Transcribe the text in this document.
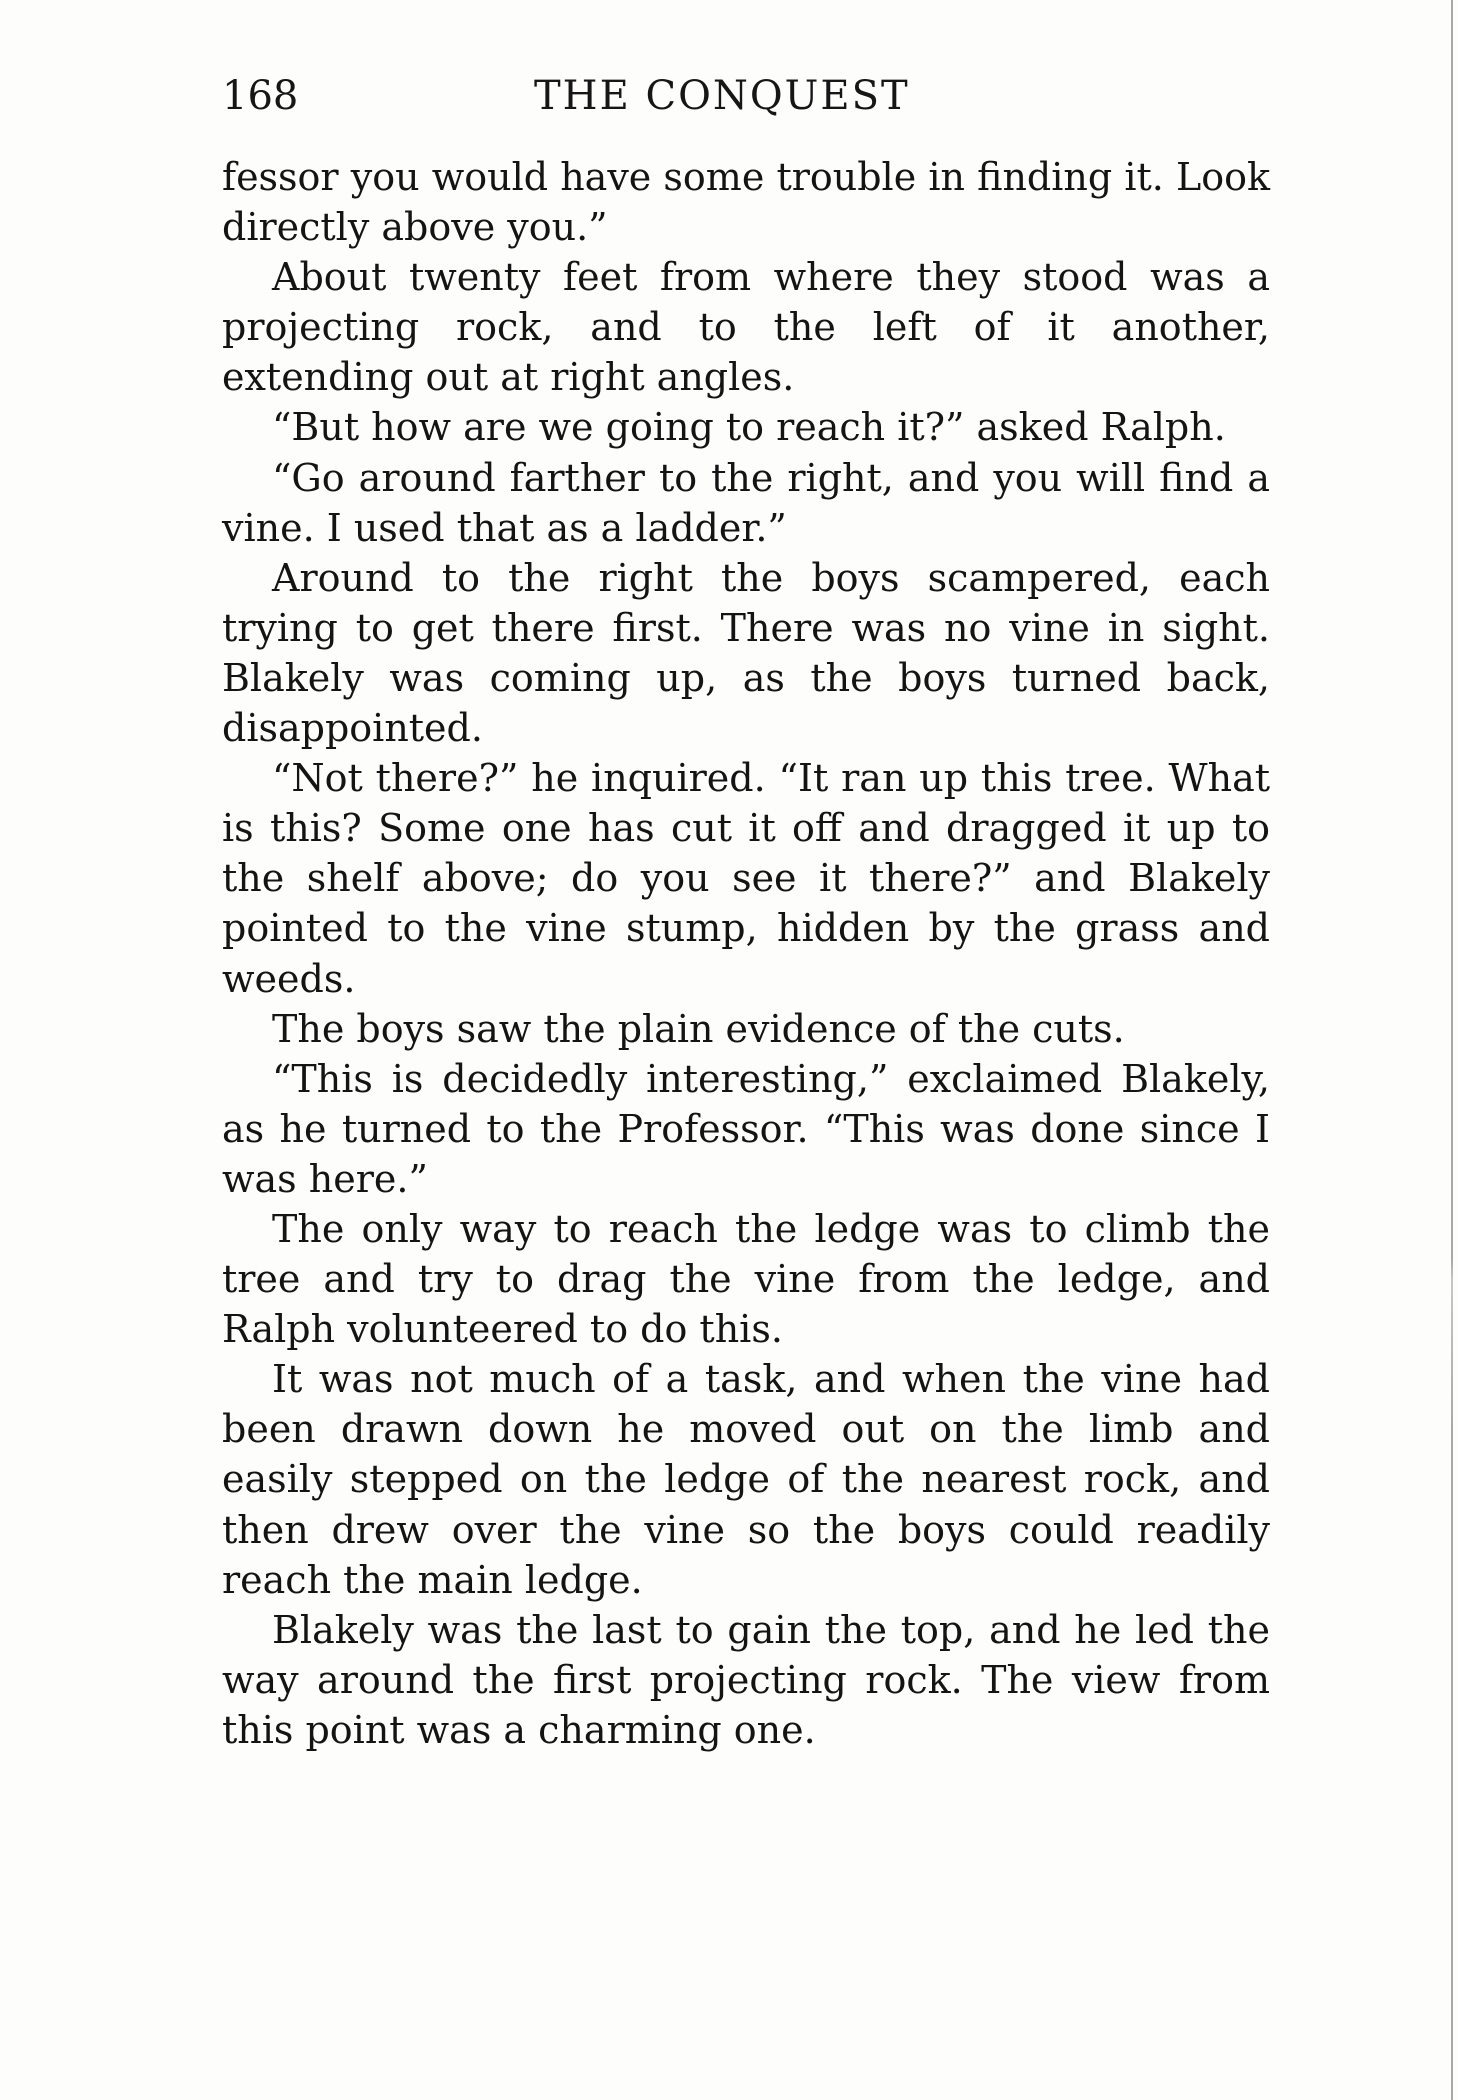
168	THE CONQUEST

fessor you would have some trouble in finding it. Look directly above you.”

About twenty feet from where they stood was a projecting rock, and to the left of it another, extending out at right angles.

“But how are we going to reach it?” asked Ralph.

“Go around farther to the right, and you will find a vine. I used that as a ladder.”

Around to the right the boys scampered, each trying to get there first. There was no vine in sight. Blakely was coming up, as the boys turned back, disappointed.

“Not there?” he inquired. “It ran up this tree. What is this? Some one has cut it off and dragged it up to the shelf above; do you see it there?” and Blakely pointed to the vine stump, hidden by the grass and weeds.

The boys saw the plain evidence of the cuts.

“This is decidedly interesting,” exclaimed Blakely, as he turned to the Professor. “This was done since I was here.”

The only way to reach the ledge was to climb the tree and try to drag the vine from the ledge, and Ralph volunteered to do this.

It was not much of a task, and when the vine had been drawn down he moved out on the limb and easily stepped on the ledge of the nearest rock, and then drew over the vine so the boys could readily reach the main ledge.

Blakely was the last to gain the top, and he led the way around the first projecting rock. The view from this point was a charming one.
